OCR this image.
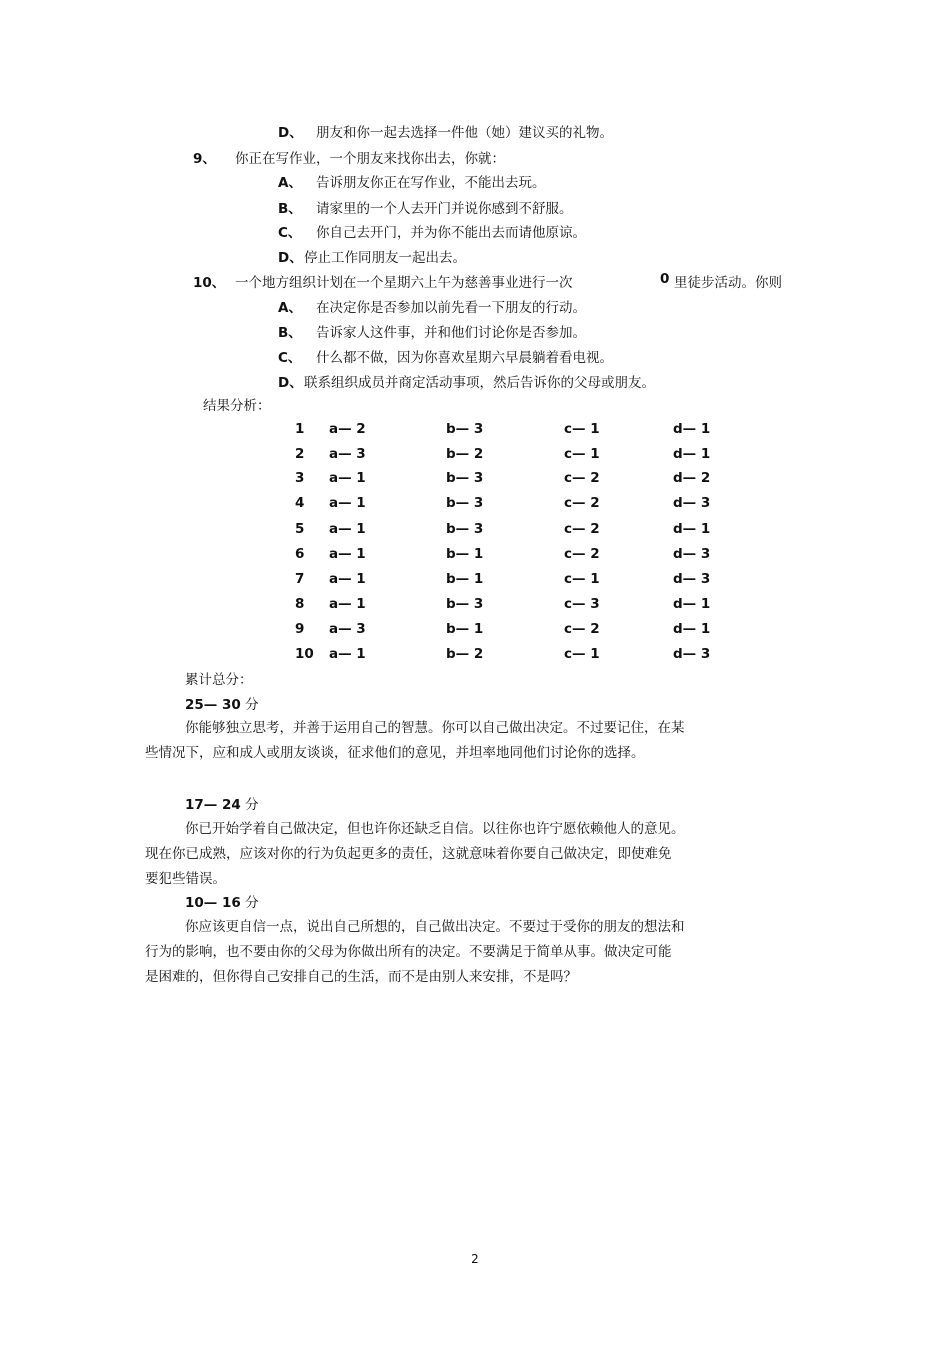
D、 朋友和你一起去选择一件他（她）建议买的礼物。
9、 你正在写作业，一个朋友来找你出去，你就：
A、 告诉朋友你正在写作业，不能出去玩。
B、 请家里的一个人去开门并说你感到不舒服。
C、 你自己去开门，并为你不能出去而请他原谅。
D、 停止工作同朋友一起出去。
10、 一个地方组织计划在一个星期六上午为慈善事业进行一次	0 里徒步活动。你则
A、 在决定你是否参加以前先看一下朋友的行动。
B、 告诉家人这件事，并和他们讨论你是否参加。
C、 什么都不做，因为你喜欢星期六早晨躺着看电视。
D、 联系组织成员并商定活动事项，然后告诉你的父母或朋友。
结果分析：
1 a— 2	b— 3	c— 1	d— 1
2 a— 3	b— 2	c— 1	d— 1
3 a— 1	b— 3	c— 2	d— 2
4 a— 1	b— 3	c— 2	d— 3
5 a— 1	b— 3	c— 2	d— 1
6 a— 1	b— 1	c— 2	d— 3
7 a— 1	b— 1	c— 1	d— 3
8 a— 1	b— 3	c— 3	d— 1
9 a— 3	b— 1	c— 2	d— 1
10 a— 1	b— 2	c— 1	d— 3
累计总分：
25— 30 分

你能够独立思考，并善于运用自己的智慧。你可以自己做出决定。不过要记住，在某

些情况下，应和成人或朋友谈谈，征求他们的意见，并坦率地同他们讨论你的选择。

17— 24 分

你已开始学着自己做决定，但也许你还缺乏自信。以往你也许宁愿依赖他人的意见。

现在你已成熟，应该对你的行为负起更多的责任，这就意味着你要自己做决定，即使难免

要犯些错误。

10— 16 分

你应该更自信一点，说出自己所想的，自己做出决定。不要过于受你的朋友的想法和

行为的影响，也不要由你的父母为你做出所有的决定。不要满足于简单从事。做决定可能

是困难的，但你得自己安排自己的生活，而不是由别人来安排，不是吗？

2
